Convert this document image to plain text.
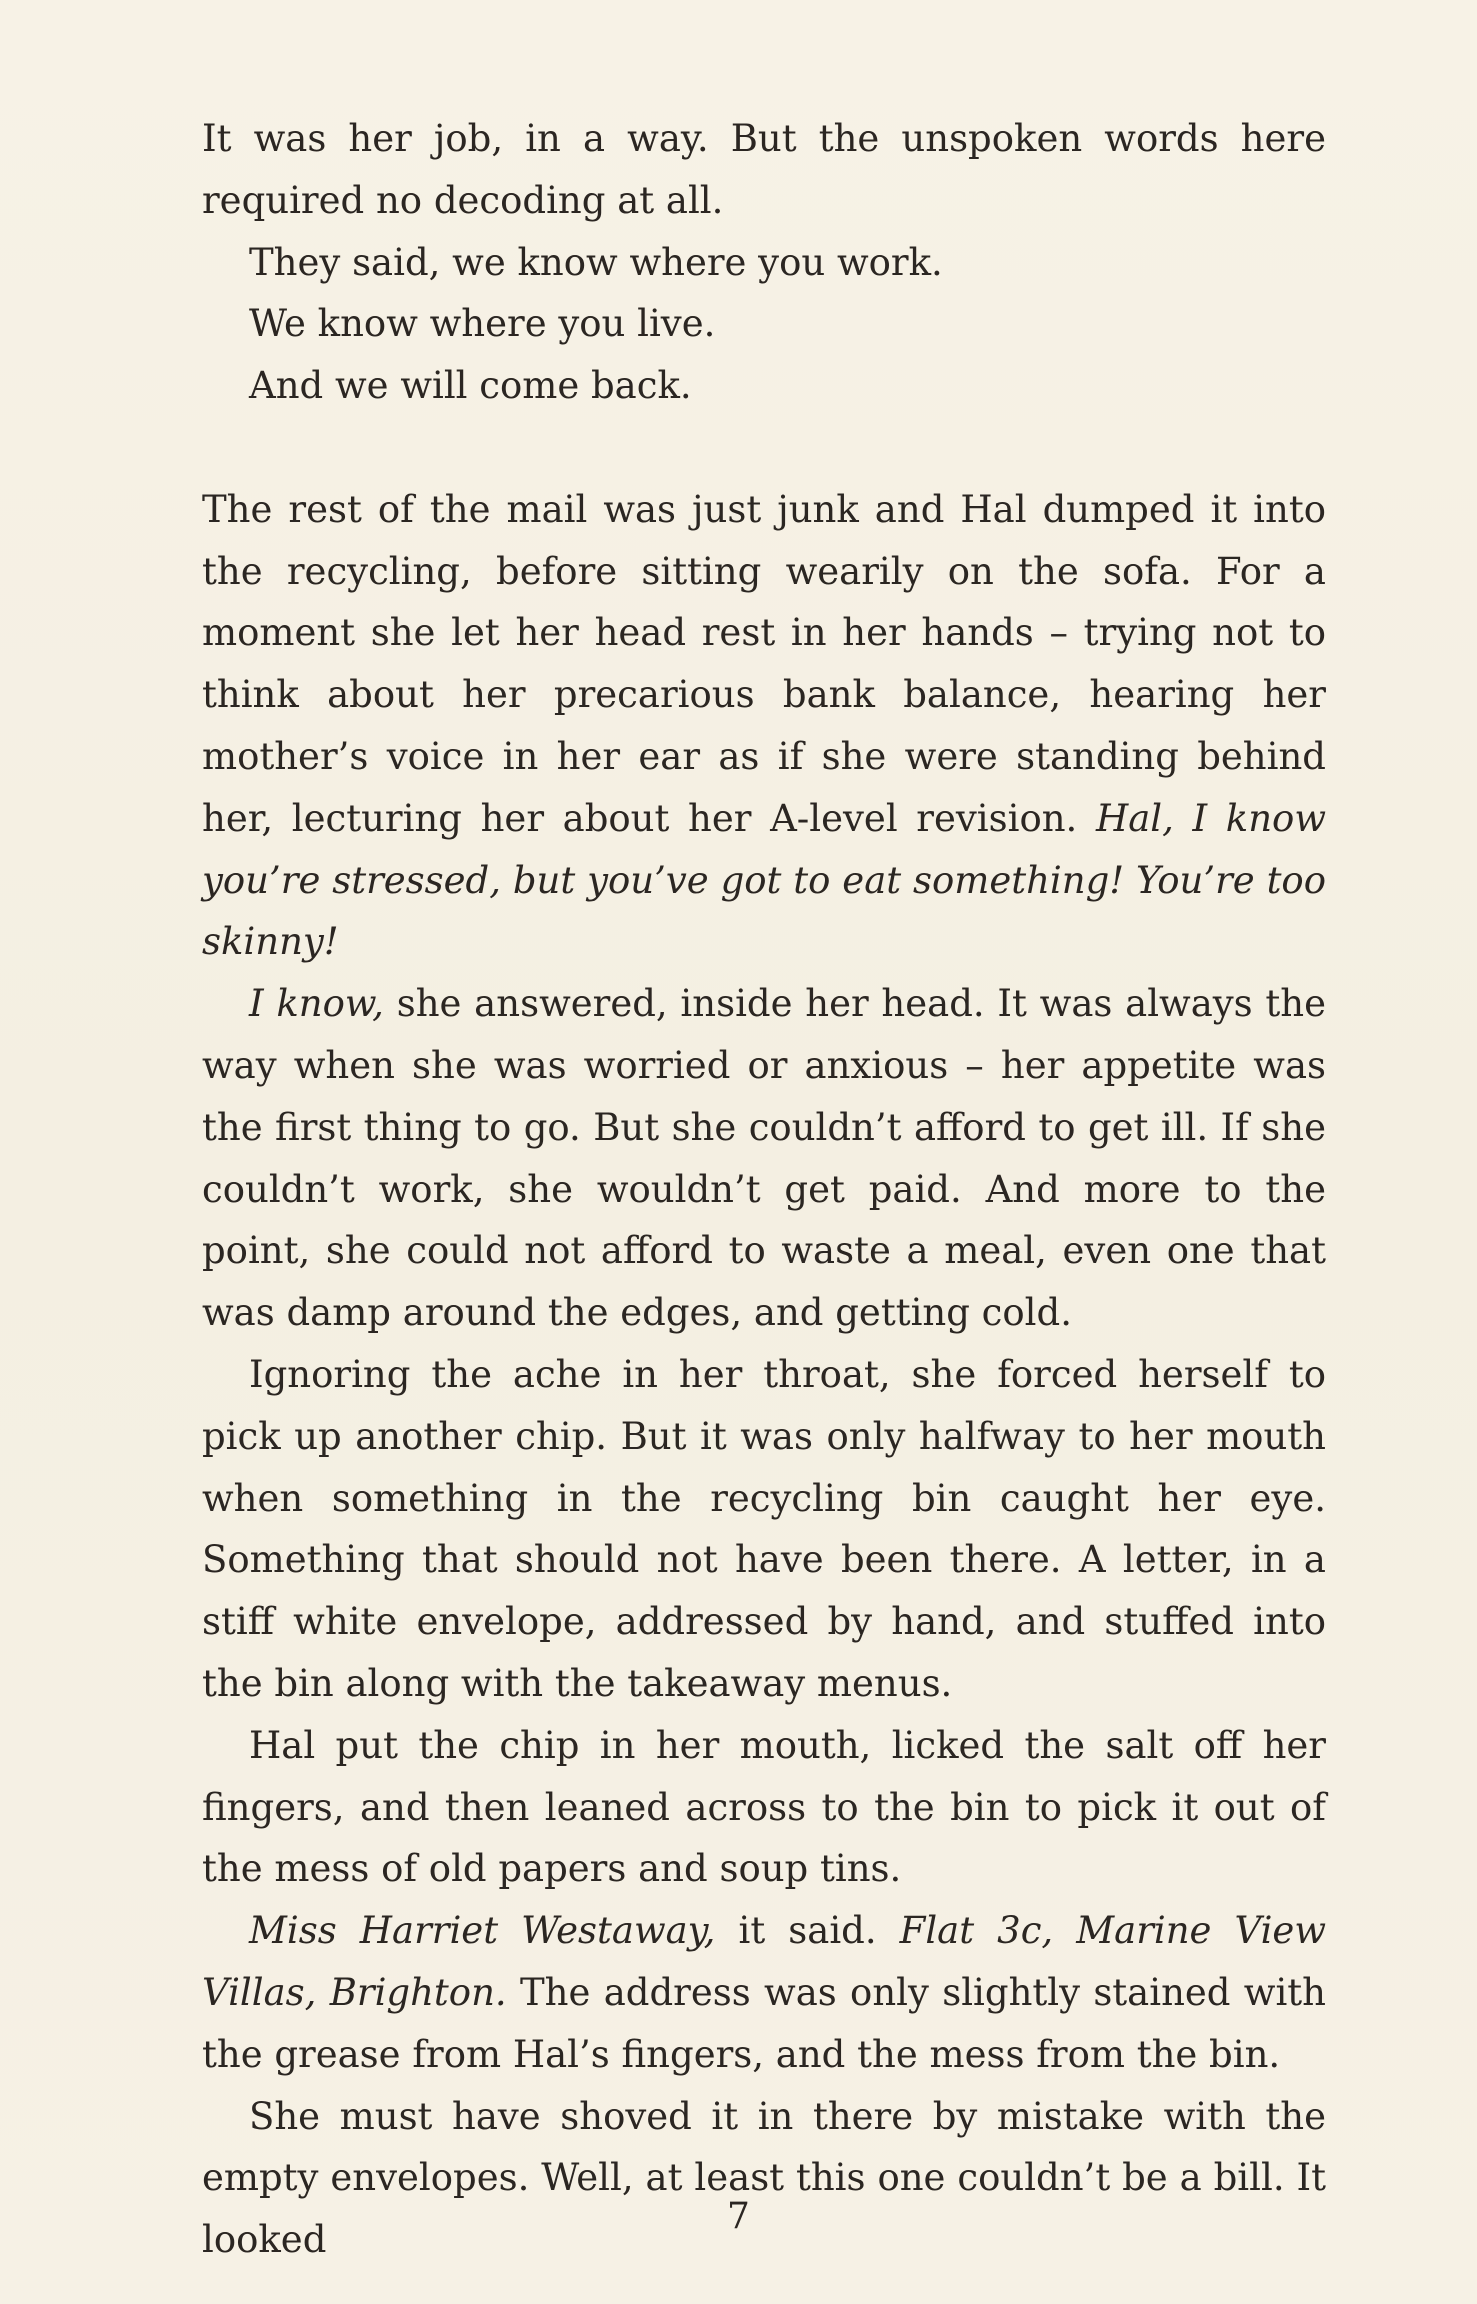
It was her job, in a way. But the unspoken words here required no decoding at all.

They said, we know where you work.

We know where you live.

And we will come back.

The rest of the mail was just junk and Hal dumped it into the recycling, before sitting wearily on the sofa. For a moment she let her head rest in her hands – trying not to think about her precarious bank balance, hearing her mother’s voice in her ear as if she were standing behind her, lecturing her about her A-level revision. Hal, I know you’re stressed, but you’ve got to eat something! You’re too skinny!

I know, she answered, inside her head. It was always the way when she was worried or anxious – her appetite was the first thing to go. But she couldn’t afford to get ill. If she couldn’t work, she wouldn’t get paid. And more to the point, she could not afford to waste a meal, even one that was damp around the edges, and getting cold.

Ignoring the ache in her throat, she forced herself to pick up another chip. But it was only halfway to her mouth when something in the recycling bin caught her eye. Something that should not have been there. A letter, in a stiff white envelope, addressed by hand, and stuffed into the bin along with the takeaway menus.

Hal put the chip in her mouth, licked the salt off her fingers, and then leaned across to the bin to pick it out of the mess of old papers and soup tins.

Miss Harriet Westaway, it said. Flat 3c, Marine View Villas, Brighton. The address was only slightly stained with the grease from Hal’s fingers, and the mess from the bin.

She must have shoved it in there by mistake with the empty envelopes. Well, at least this one couldn’t be a bill. It looked

7
